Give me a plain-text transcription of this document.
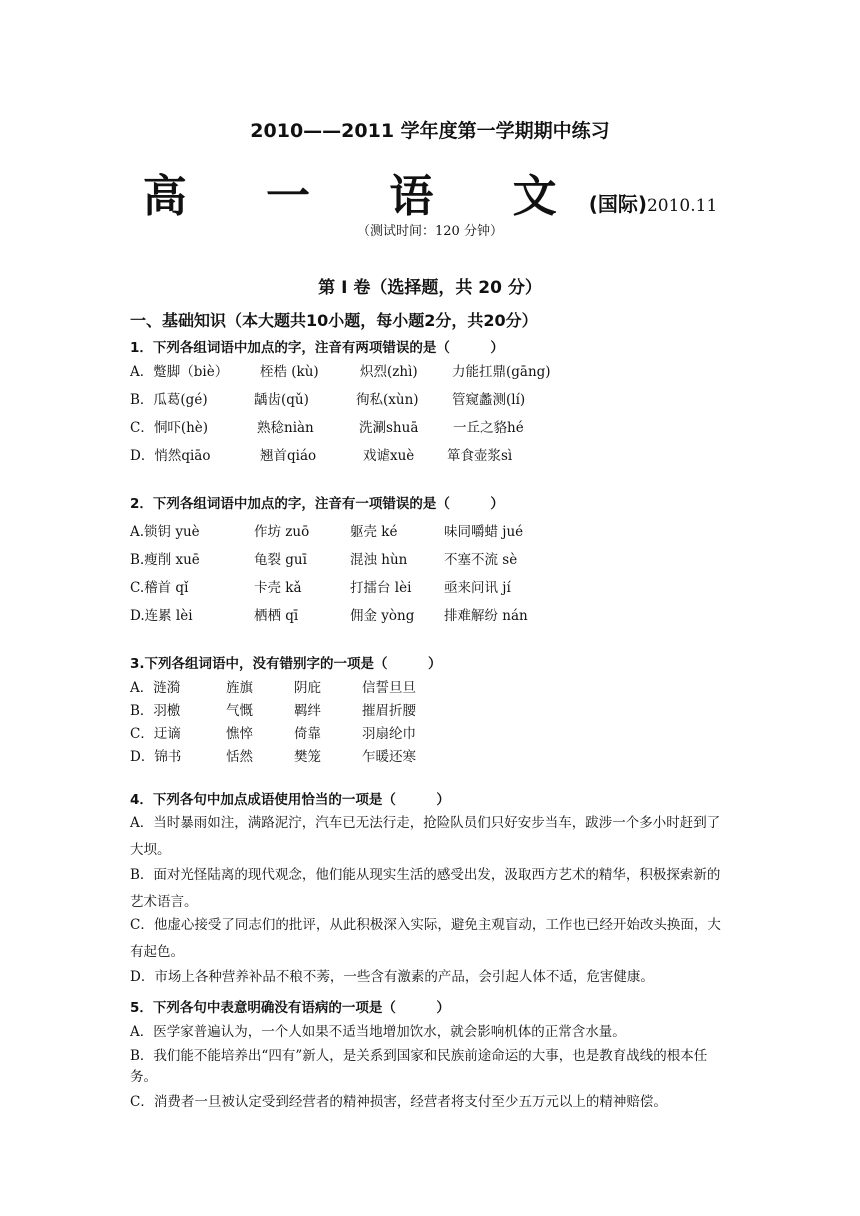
2010——2011 学年度第一学期期中练习
高 一 语 文(国际)2010.11
（测试时间：120 分钟）
第 Ⅰ 卷（选择题，共 20 分）
一、基础知识（本大题共10小题，每小题2分，共20分）
1．下列各组词语中加点的字，注音有两项错误的是（　　　）
A．蹩脚（biè） 桎梏 (kù)	炽烈(zhì)	力能扛鼎(gāng)
B．瓜葛(gé)	龋齿(qǔ)	徇私(xùn) 管窥蠡测(lí)
C．恫吓(hè)	熟稔niàn	洗涮shuā	一丘之貉hé
D．悄然qiāo	翘首qiáo	戏谑xuè 箪食壶浆sì
2．下列各组词语中加点的字，注音有一项错误的是（　　　）
A.锁钥 yuè	作坊 zuō	躯壳 ké	味同嚼蜡 jué
B.瘦削 xuē	龟裂 guī	混浊 hùn	不塞不流 sè
C.稽首 qǐ	卡壳 kǎ	打擂台 lèi 亟来问讯 jí
D.连累 lèi	栖栖 qī	佣金 yòng 排难解纷 nán
3.下列各组词语中，没有错别字的一项是（　　　）
A．涟漪	旌旗	阴庇	信誓旦旦
B．羽檄	气慨	羁绊	摧眉折腰
C．迂谪	憔悴	倚靠	羽扇纶巾
D．锦书	恬然	樊笼	乍暖还寒
4．下列各句中加点成语使用恰当的一项是（　　　）
A．当时暴雨如注，满路泥泞，汽车已无法行走，抢险队员们只好安步当车，跋涉一个多小时赶到了大坝。
B．面对光怪陆离的现代观念，他们能从现实生活的感受出发，汲取西方艺术的精华，积极探索新的艺术语言。
C．他虚心接受了同志们的批评，从此积极深入实际，避免主观盲动，工作也已经开始改头换面，大有起色。
D．市场上各种营养补品不稂不莠，一些含有激素的产品，会引起人体不适，危害健康。
5．下列各句中表意明确没有语病的一项是（　　　）
A．医学家普遍认为，一个人如果不适当地增加饮水，就会影响机体的正常含水量。
B．我们能不能培养出“四有”新人，是关系到国家和民族前途命运的大事，也是教育战线的根本任务。
C．消费者一旦被认定受到经营者的精神损害，经营者将支付至少五万元以上的精神赔偿。
